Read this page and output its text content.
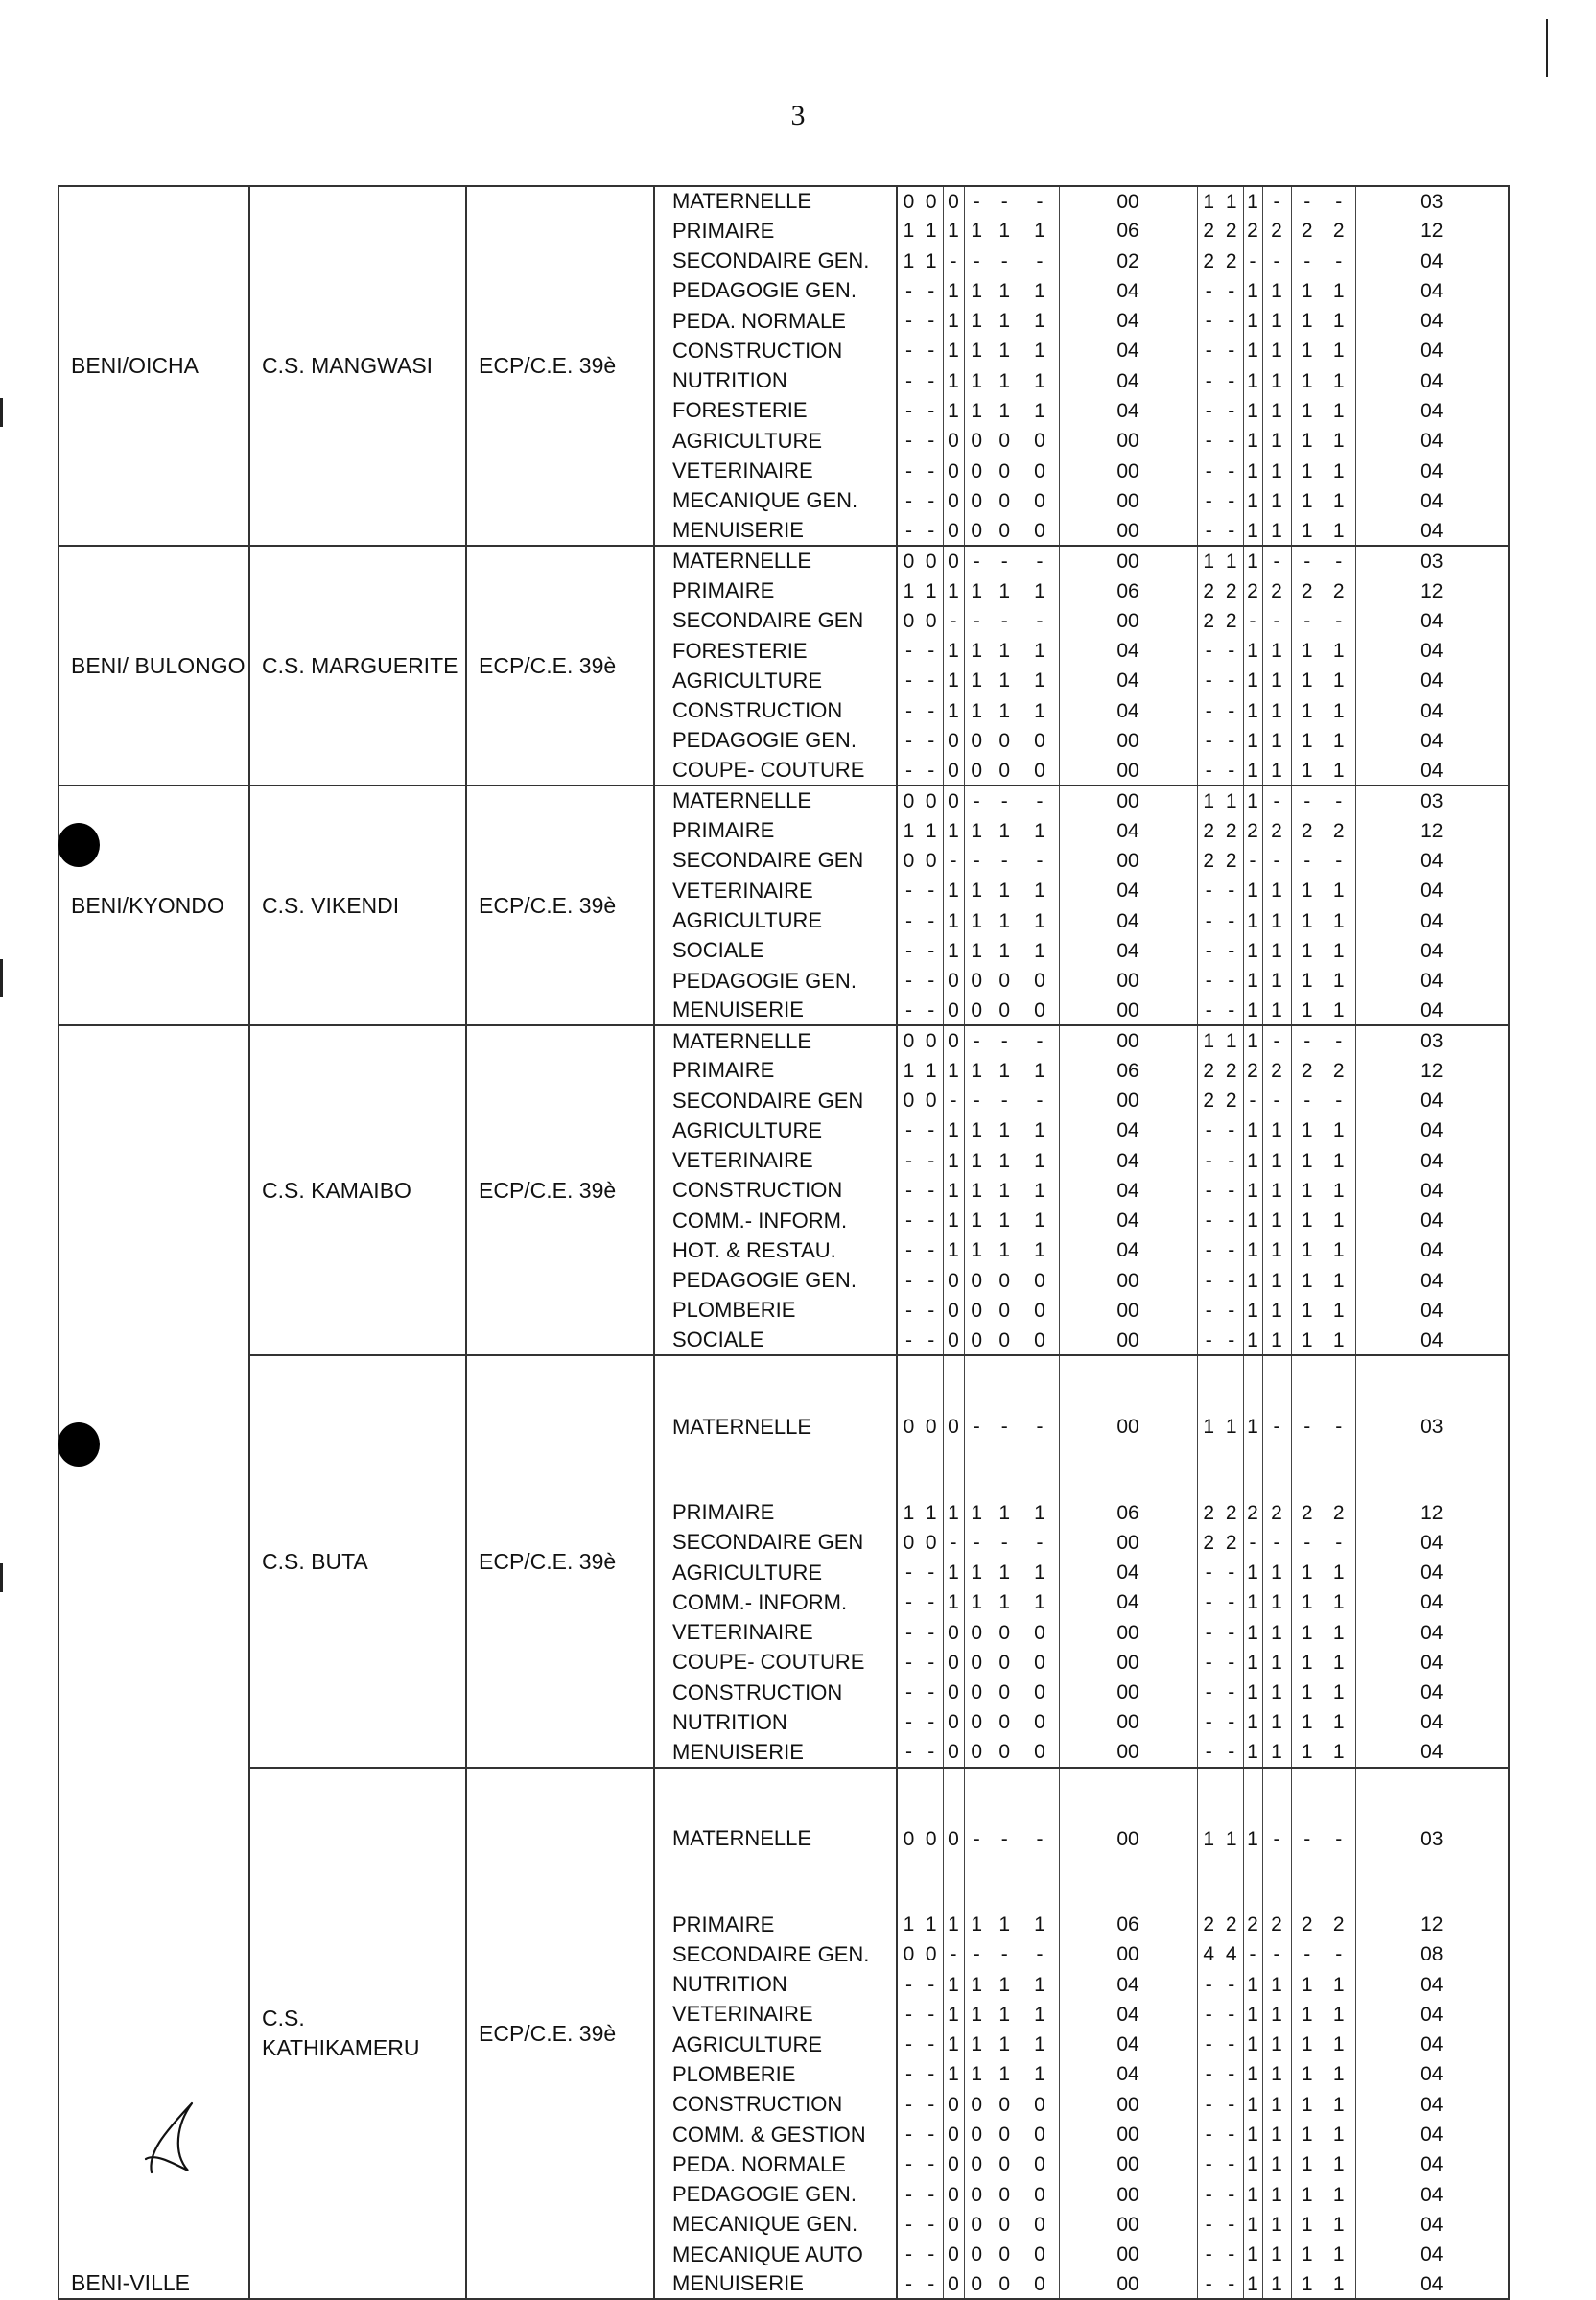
3
BENI/OICHA	C.S. MANGWASI	ECP/C.E. 39è	MATERNELLE	0	0	0	-	-	-	00	1	1	1	-	-	-	03
			PRIMAIRE	1	1	1	1	1	1	06	2	2	2	2	2	2	12
			SECONDAIRE GEN.	1	1	-	-	-	-	02	2	2	-	-	-	-	04
			PEDAGOGIE GEN.	-	-	1	1	1	1	04	-	-	1	1	1	1	04
			PEDA. NORMALE	-	-	1	1	1	1	04	-	-	1	1	1	1	04
			CONSTRUCTION	-	-	1	1	1	1	04	-	-	1	1	1	1	04
			NUTRITION	-	-	1	1	1	1	04	-	-	1	1	1	1	04
			FORESTERIE	-	-	1	1	1	1	04	-	-	1	1	1	1	04
			AGRICULTURE	-	-	0	0	0	0	00	-	-	1	1	1	1	04
			VETERINAIRE	-	-	0	0	0	0	00	-	-	1	1	1	1	04
			MECANIQUE GEN.	-	-	0	0	0	0	00	-	-	1	1	1	1	04
			MENUISERIE	-	-	0	0	0	0	00	-	-	1	1	1	1	04
BENI/ BULONGO	C.S. MARGUERITE	ECP/C.E. 39è	MATERNELLE	0	0	0	-	-	-	00	1	1	1	-	-	-	03
			PRIMAIRE	1	1	1	1	1	1	06	2	2	2	2	2	2	12
			SECONDAIRE GEN	0	0	-	-	-	-	00	2	2	-	-	-	-	04
			FORESTERIE	-	-	1	1	1	1	04	-	-	1	1	1	1	04
			AGRICULTURE	-	-	1	1	1	1	04	-	-	1	1	1	1	04
			CONSTRUCTION	-	-	1	1	1	1	04	-	-	1	1	1	1	04
			PEDAGOGIE GEN.	-	-	0	0	0	0	00	-	-	1	1	1	1	04
			COUPE- COUTURE	-	-	0	0	0	0	00	-	-	1	1	1	1	04
BENI/KYONDO	C.S. VIKENDI	ECP/C.E. 39è	MATERNELLE	0	0	0	-	-	-	00	1	1	1	-	-	-	03
			PRIMAIRE	1	1	1	1	1	1	04	2	2	2	2	2	2	12
			SECONDAIRE GEN	0	0	-	-	-	-	00	2	2	-	-	-	-	04
			VETERINAIRE	-	-	1	1	1	1	04	-	-	1	1	1	1	04
			AGRICULTURE	-	-	1	1	1	1	04	-	-	1	1	1	1	04
			SOCIALE	-	-	1	1	1	1	04	-	-	1	1	1	1	04
			PEDAGOGIE GEN.	-	-	0	0	0	0	00	-	-	1	1	1	1	04
			MENUISERIE	-	-	0	0	0	0	00	-	-	1	1	1	1	04
BENI-VILLE	C.S. KAMAIBO	ECP/C.E. 39è	MATERNELLE	0	0	0	-	-	-	00	1	1	1	-	-	-	03
			PRIMAIRE	1	1	1	1	1	1	06	2	2	2	2	2	2	12
			SECONDAIRE GEN	0	0	-	-	-	-	00	2	2	-	-	-	-	04
			AGRICULTURE	-	-	1	1	1	1	04	-	-	1	1	1	1	04
			VETERINAIRE	-	-	1	1	1	1	04	-	-	1	1	1	1	04
			CONSTRUCTION	-	-	1	1	1	1	04	-	-	1	1	1	1	04
			COMM.- INFORM.	-	-	1	1	1	1	04	-	-	1	1	1	1	04
			HOT. & RESTAU.	-	-	1	1	1	1	04	-	-	1	1	1	1	04
			PEDAGOGIE GEN.	-	-	0	0	0	0	00	-	-	1	1	1	1	04
			PLOMBERIE	-	-	0	0	0	0	00	-	-	1	1	1	1	04
			SOCIALE	-	-	0	0	0	0	00	-	-	1	1	1	1	04
	C.S. BUTA	ECP/C.E. 39è	MATERNELLE	0	0	0	-	-	-	00	1	1	1	-	-	-	03
			PRIMAIRE	1	1	1	1	1	1	06	2	2	2	2	2	2	12
			SECONDAIRE GEN	0	0	-	-	-	-	00	2	2	-	-	-	-	04
			AGRICULTURE	-	-	1	1	1	1	04	-	-	1	1	1	1	04
			COMM.- INFORM.	-	-	1	1	1	1	04	-	-	1	1	1	1	04
			VETERINAIRE	-	-	0	0	0	0	00	-	-	1	1	1	1	04
			COUPE- COUTURE	-	-	0	0	0	0	00	-	-	1	1	1	1	04
			CONSTRUCTION	-	-	0	0	0	0	00	-	-	1	1	1	1	04
			NUTRITION	-	-	0	0	0	0	00	-	-	1	1	1	1	04
			MENUISERIE	-	-	0	0	0	0	00	-	-	1	1	1	1	04
	C.S. KATHIKAMERU	ECP/C.E. 39è	MATERNELLE	0	0	0	-	-	-	00	1	1	1	-	-	-	03
			PRIMAIRE	1	1	1	1	1	1	06	2	2	2	2	2	2	12
			SECONDAIRE GEN.	0	0	-	-	-	-	00	4	4	-	-	-	-	08
			NUTRITION	-	-	1	1	1	1	04	-	-	1	1	1	1	04
			VETERINAIRE	-	-	1	1	1	1	04	-	-	1	1	1	1	04
			AGRICULTURE	-	-	1	1	1	1	04	-	-	1	1	1	1	04
			PLOMBERIE	-	-	1	1	1	1	04	-	-	1	1	1	1	04
			CONSTRUCTION	-	-	0	0	0	0	00	-	-	1	1	1	1	04
			COMM. & GESTION	-	-	0	0	0	0	00	-	-	1	1	1	1	04
			PEDA. NORMALE	-	-	0	0	0	0	00	-	-	1	1	1	1	04
			PEDAGOGIE GEN.	-	-	0	0	0	0	00	-	-	1	1	1	1	04
			MECANIQUE GEN.	-	-	0	0	0	0	00	-	-	1	1	1	1	04
			MECANIQUE AUTO	-	-	0	0	0	0	00	-	-	1	1	1	1	04
			MENUISERIE	-	-	0	0	0	0	00	-	-	1	1	1	1	04
